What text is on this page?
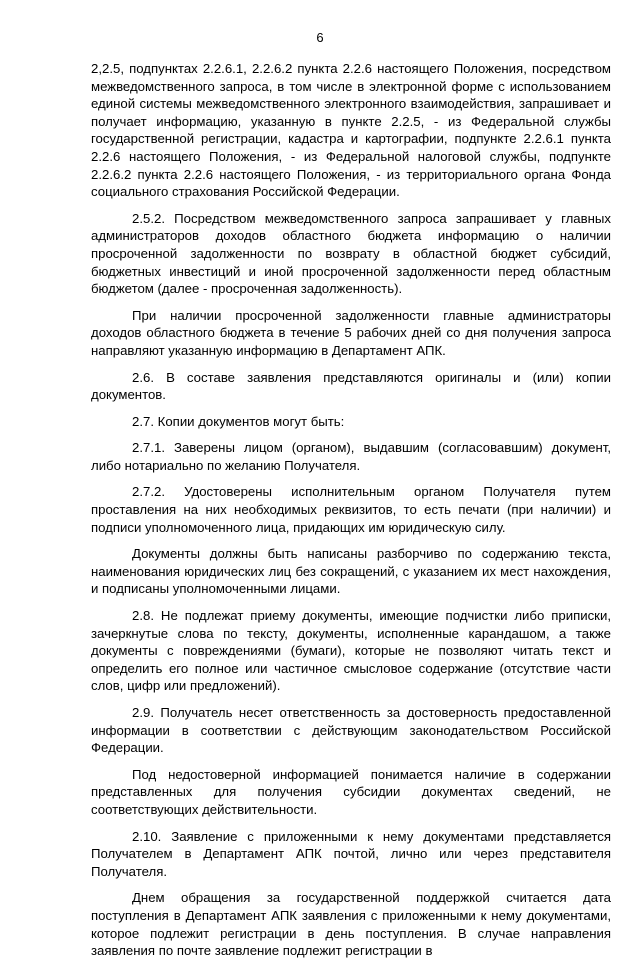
6

2,2.5, подпунктах 2.2.6.1, 2.2.6.2 пункта 2.2.6 настоящего Положения, посредством межведомственного запроса, в том числе в электронной форме с использованием единой системы межведомственного электронного взаимодействия, запрашивает и получает информацию, указанную в пункте 2.2.5, - из Федеральной службы государственной регистрации, кадастра и картографии, подпункте 2.2.6.1 пункта 2.2.6 настоящего Положения, - из Федеральной налоговой службы, подпункте 2.2.6.2 пункта 2.2.6 настоящего Положения, - из территориального органа Фонда социального страхования Российской Федерации.

2.5.2. Посредством межведомственного запроса запрашивает у главных администраторов доходов областного бюджета информацию о наличии просроченной задолженности по возврату в областной бюджет субсидий, бюджетных инвестиций и иной просроченной задолженности перед областным бюджетом (далее - просроченная задолженность).

При наличии просроченной задолженности главные администраторы доходов областного бюджета в течение 5 рабочих дней со дня получения запроса направляют указанную информацию в Департамент АПК.

2.6. В составе заявления представляются оригиналы и (или) копии документов.

2.7. Копии документов могут быть:

2.7.1. Заверены лицом (органом), выдавшим (согласовавшим) документ, либо нотариально по желанию Получателя.

2.7.2. Удостоверены исполнительным органом Получателя путем проставления на них необходимых реквизитов, то есть печати (при наличии) и подписи уполномоченного лица, придающих им юридическую силу.

Документы должны быть написаны разборчиво по содержанию текста, наименования юридических лиц без сокращений, с указанием их мест нахождения, и подписаны уполномоченными лицами.

2.8. Не подлежат приему документы, имеющие подчистки либо приписки, зачеркнутые слова по тексту, документы, исполненные карандашом, а также документы с повреждениями (бумаги), которые не позволяют читать текст и определить его полное или частичное смысловое содержание (отсутствие части слов, цифр или предложений).

2.9. Получатель несет ответственность за достоверность предоставленной информации в соответствии с действующим законодательством Российской Федерации.

Под недостоверной информацией понимается наличие в содержании представленных для получения субсидии документах сведений, не соответствующих действительности.

2.10. Заявление с приложенными к нему документами представляется Получателем в Департамент АПК почтой, лично или через представителя Получателя.

Днем обращения за государственной поддержкой считается дата поступления в Департамент АПК заявления с приложенными к нему документами, которое подлежит регистрации в день поступления. В случае направления заявления по почте заявление подлежит регистрации в
